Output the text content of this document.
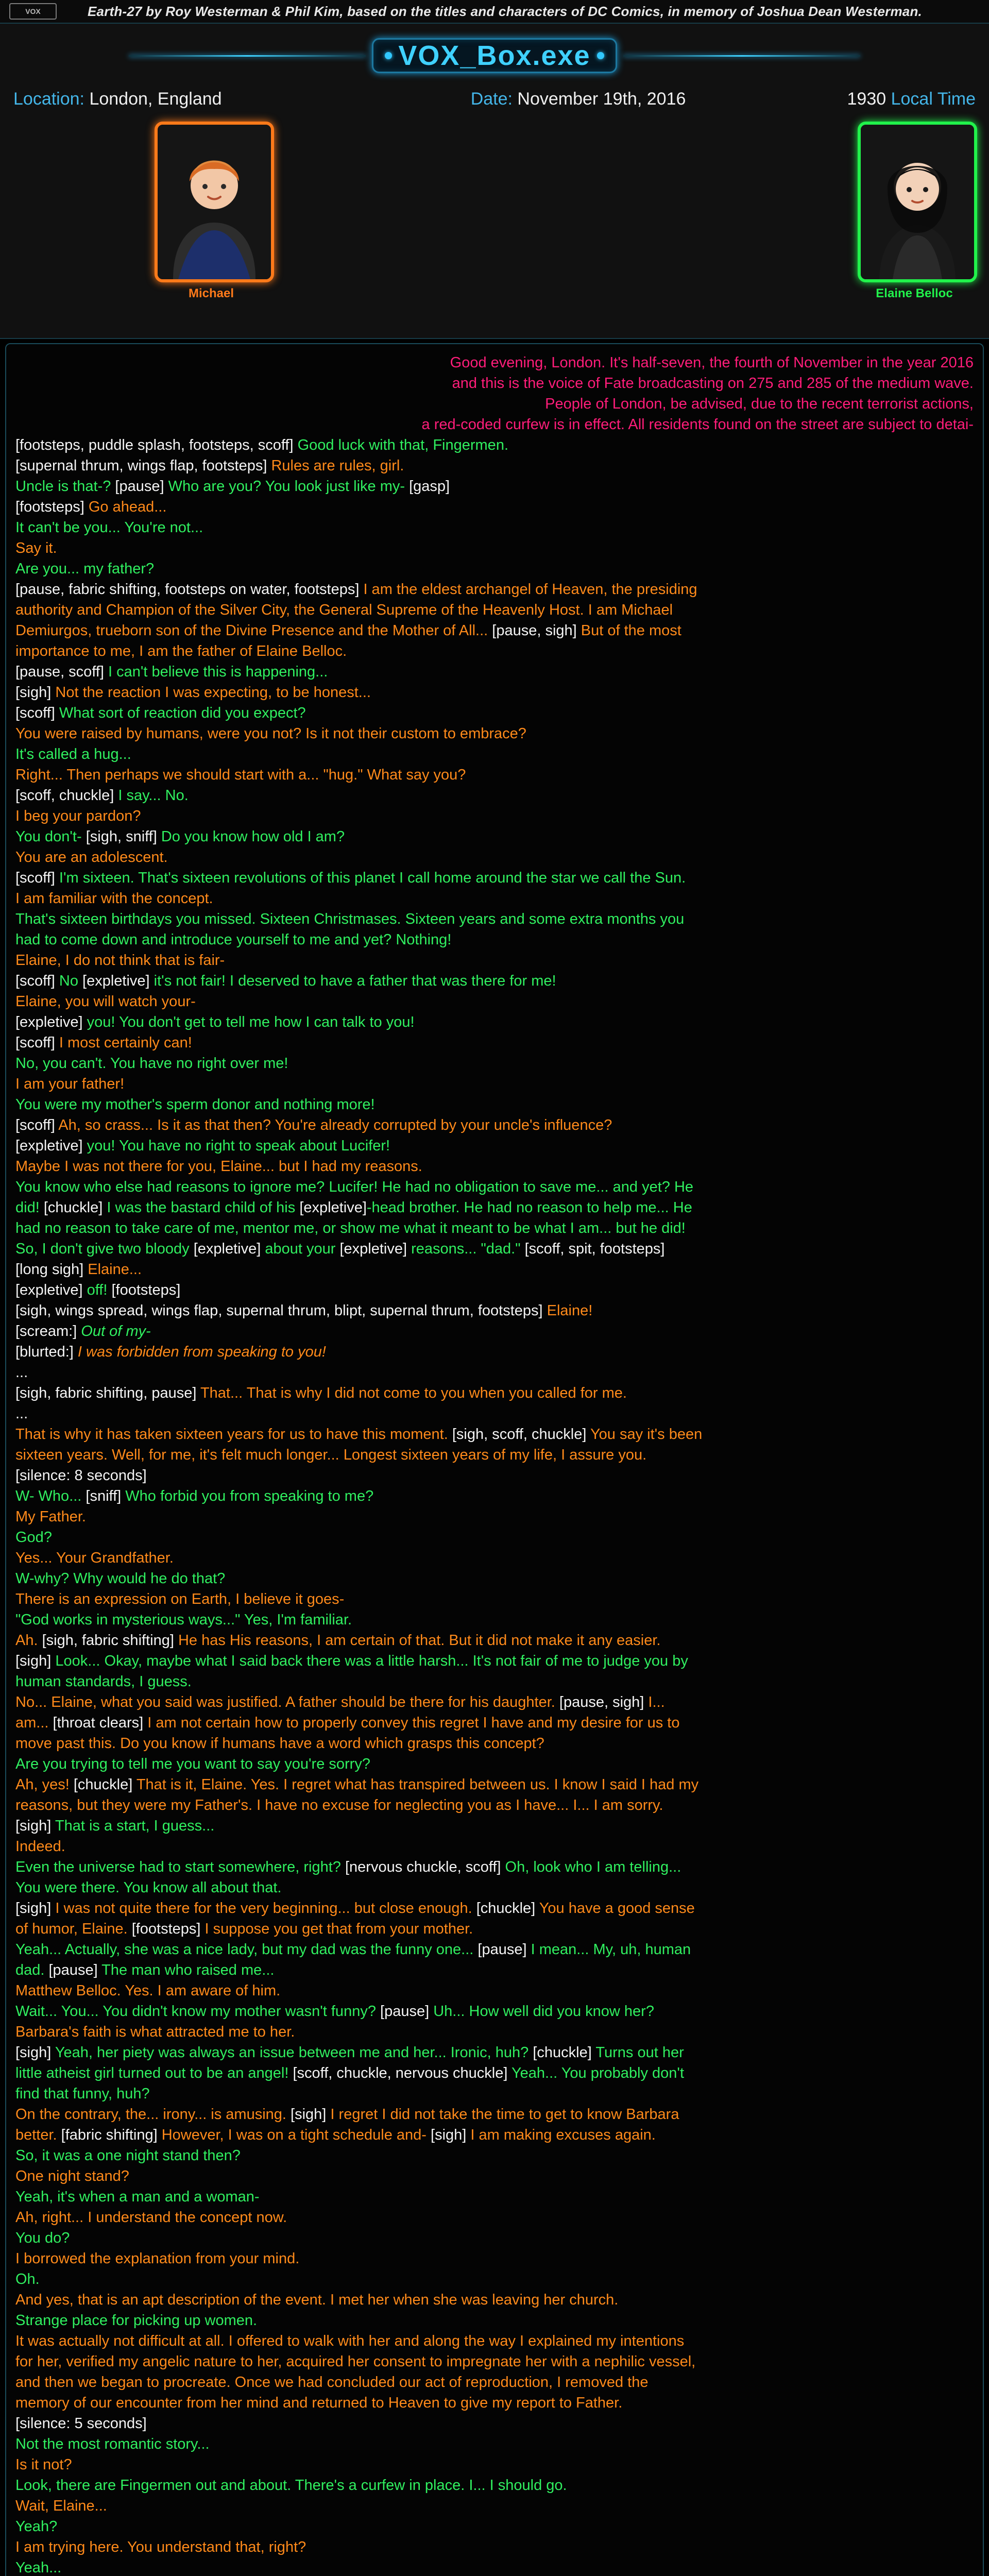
VOX	Earth-27 by Roy Westerman & Phil Kim, based on the titles and characters of DC Comics, in memory of Joshua Dean Westerman.
VOX_Box.exe
Location: London, England	Date: November 19th, 2016	1930 Local Time
Michael	Elaine Belloc
Good evening, London. It's half-seven, the fourth of November in the year 2016
and this is the voice of Fate broadcasting on 275 and 285 of the medium wave.
People of London, be advised, due to the recent terrorist actions,
a red-coded curfew is in effect. All residents found on the street are subject to detai-
[footsteps, puddle splash, footsteps, scoff] Good luck with that, Fingermen.
[supernal thrum, wings flap, footsteps] Rules are rules, girl.
Uncle is that-? [pause] Who are you? You look just like my- [gasp]
[footsteps] Go ahead...
It can't be you... You're not...
Say it.
Are you... my father?
[pause, fabric shifting, footsteps on water, footsteps] I am the eldest archangel of Heaven, the presiding
authority and Champion of the Silver City, the General Supreme of the Heavenly Host. I am Michael
Demiurgos, trueborn son of the Divine Presence and the Mother of All... [pause, sigh] But of the most
importance to me, I am the father of Elaine Belloc.
[pause, scoff] I can't believe this is happening...
[sigh] Not the reaction I was expecting, to be honest...
[scoff] What sort of reaction did you expect?
You were raised by humans, were you not? Is it not their custom to embrace?
It's called a hug...
Right... Then perhaps we should start with a... "hug." What say you?
[scoff, chuckle] I say... No.
I beg your pardon?
You don't- [sigh, sniff] Do you know how old I am?
You are an adolescent.
[scoff] I'm sixteen. That's sixteen revolutions of this planet I call home around the star we call the Sun.
I am familiar with the concept.
That's sixteen birthdays you missed. Sixteen Christmases. Sixteen years and some extra months you
had to come down and introduce yourself to me and yet? Nothing!
Elaine, I do not think that is fair-
[scoff] No [expletive] it's not fair! I deserved to have a father that was there for me!
Elaine, you will watch your-
[expletive] you! You don't get to tell me how I can talk to you!
[scoff] I most certainly can!
No, you can't. You have no right over me!
I am your father!
You were my mother's sperm donor and nothing more!
[scoff] Ah, so crass... Is it as that then? You're already corrupted by your uncle's influence?
[expletive] you! You have no right to speak about Lucifer!
Maybe I was not there for you, Elaine... but I had my reasons.
You know who else had reasons to ignore me? Lucifer! He had no obligation to save me... and yet? He
did! [chuckle] I was the bastard child of his [expletive]-head brother. He had no reason to help me... He
had no reason to take care of me, mentor me, or show me what it meant to be what I am... but he did!
So, I don't give two bloody [expletive] about your [expletive] reasons... "dad." [scoff, spit, footsteps]
[long sigh] Elaine...
[expletive] off! [footsteps]
[sigh, wings spread, wings flap, supernal thrum, blipt, supernal thrum, footsteps] Elaine!
[scream:] Out of my-
[blurted:] I was forbidden from speaking to you!
...
[sigh, fabric shifting, pause] That... That is why I did not come to you when you called for me.
...
That is why it has taken sixteen years for us to have this moment. [sigh, scoff, chuckle] You say it's been
sixteen years. Well, for me, it's felt much longer... Longest sixteen years of my life, I assure you.
[silence: 8 seconds]
W- Who... [sniff] Who forbid you from speaking to me?
My Father.
God?
Yes... Your Grandfather.
W-why? Why would he do that?
There is an expression on Earth, I believe it goes-
"God works in mysterious ways..." Yes, I'm familiar.
Ah. [sigh, fabric shifting] He has His reasons, I am certain of that. But it did not make it any easier.
[sigh] Look... Okay, maybe what I said back there was a little harsh... It's not fair of me to judge you by
human standards, I guess.
No... Elaine, what you said was justified. A father should be there for his daughter. [pause, sigh] I...
am... [throat clears] I am not certain how to properly convey this regret I have and my desire for us to
move past this. Do you know if humans have a word which grasps this concept?
Are you trying to tell me you want to say you're sorry?
Ah, yes! [chuckle] That is it, Elaine. Yes. I regret what has transpired between us. I know I said I had my
reasons, but they were my Father's. I have no excuse for neglecting you as I have... I... I am sorry.
[sigh] That is a start, I guess...
Indeed.
Even the universe had to start somewhere, right? [nervous chuckle, scoff] Oh, look who I am telling...
You were there. You know all about that.
[sigh] I was not quite there for the very beginning... but close enough. [chuckle] You have a good sense
of humor, Elaine. [footsteps] I suppose you get that from your mother.
Yeah... Actually, she was a nice lady, but my dad was the funny one... [pause] I mean... My, uh, human
dad. [pause] The man who raised me...
Matthew Belloc. Yes. I am aware of him.
Wait... You... You didn't know my mother wasn't funny? [pause] Uh... How well did you know her?
Barbara's faith is what attracted me to her.
[sigh] Yeah, her piety was always an issue between me and her... Ironic, huh? [chuckle] Turns out her
little atheist girl turned out to be an angel! [scoff, chuckle, nervous chuckle] Yeah... You probably don't
find that funny, huh?
On the contrary, the... irony... is amusing. [sigh] I regret I did not take the time to get to know Barbara
better. [fabric shifting] However, I was on a tight schedule and- [sigh] I am making excuses again.
So, it was a one night stand then?
One night stand?
Yeah, it's when a man and a woman-
Ah, right... I understand the concept now.
You do?
I borrowed the explanation from your mind.
Oh.
And yes, that is an apt description of the event. I met her when she was leaving her church.
Strange place for picking up women.
It was actually not difficult at all. I offered to walk with her and along the way I explained my intentions
for her, verified my angelic nature to her, acquired her consent to impregnate her with a nephilic vessel,
and then we began to procreate. Once we had concluded our act of reproduction, I removed the
memory of our encounter from her mind and returned to Heaven to give my report to Father.
[silence: 5 seconds]
Not the most romantic story...
Is it not?
Look, there are Fingermen out and about. There's a curfew in place. I... I should go.
Wait, Elaine...
Yeah?
I am trying here. You understand that, right?
Yeah...
